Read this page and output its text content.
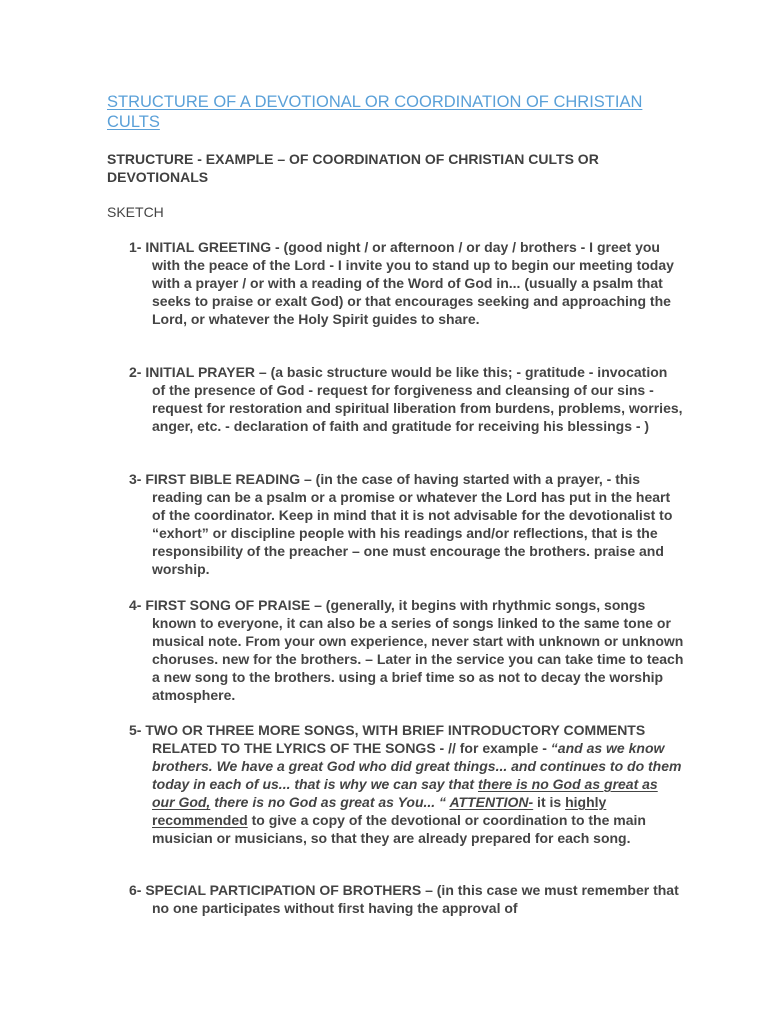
STRUCTURE OF A DEVOTIONAL OR COORDINATION OF CHRISTIAN CULTS
STRUCTURE - EXAMPLE – OF COORDINATION OF CHRISTIAN CULTS OR DEVOTIONALS
SKETCH
1- INITIAL GREETING - (good night / or afternoon / or day / brothers - I greet you with the peace of the Lord - I invite you to stand up to begin our meeting today with a prayer / or with a reading of the Word of God in... (usually a psalm that seeks to praise or exalt God) or that encourages seeking and approaching the Lord, or whatever the Holy Spirit guides to share.
2- INITIAL PRAYER – (a basic structure would be like this; - gratitude - invocation of the presence of God - request for forgiveness and cleansing of our sins - request for restoration and spiritual liberation from burdens, problems, worries, anger, etc. - declaration of faith and gratitude for receiving his blessings - )
3- FIRST BIBLE READING – (in the case of having started with a prayer, - this reading can be a psalm or a promise or whatever the Lord has put in the heart of the coordinator. Keep in mind that it is not advisable for the devotionalist to “exhort” or discipline people with his readings and/or reflections, that is the responsibility of the preacher – one must encourage the brothers. praise and worship.
4- FIRST SONG OF PRAISE – (generally, it begins with rhythmic songs, songs known to everyone, it can also be a series of songs linked to the same tone or musical note. From your own experience, never start with unknown or unknown choruses. new for the brothers. – Later in the service you can take time to teach a new song to the brothers. using a brief time so as not to decay the worship atmosphere.
5- TWO OR THREE MORE SONGS, WITH BRIEF INTRODUCTORY COMMENTS RELATED TO THE LYRICS OF THE SONGS - // for example - “and as we know brothers. We have a great God who did great things... and continues to do them today in each of us... that is why we can say that there is no God as great as our God, there is no God as great as You... “ ATTENTION- it is highly recommended to give a copy of the devotional or coordination to the main musician or musicians, so that they are already prepared for each song.
6- SPECIAL PARTICIPATION OF BROTHERS – (in this case we must remember that no one participates without first having the approval of
